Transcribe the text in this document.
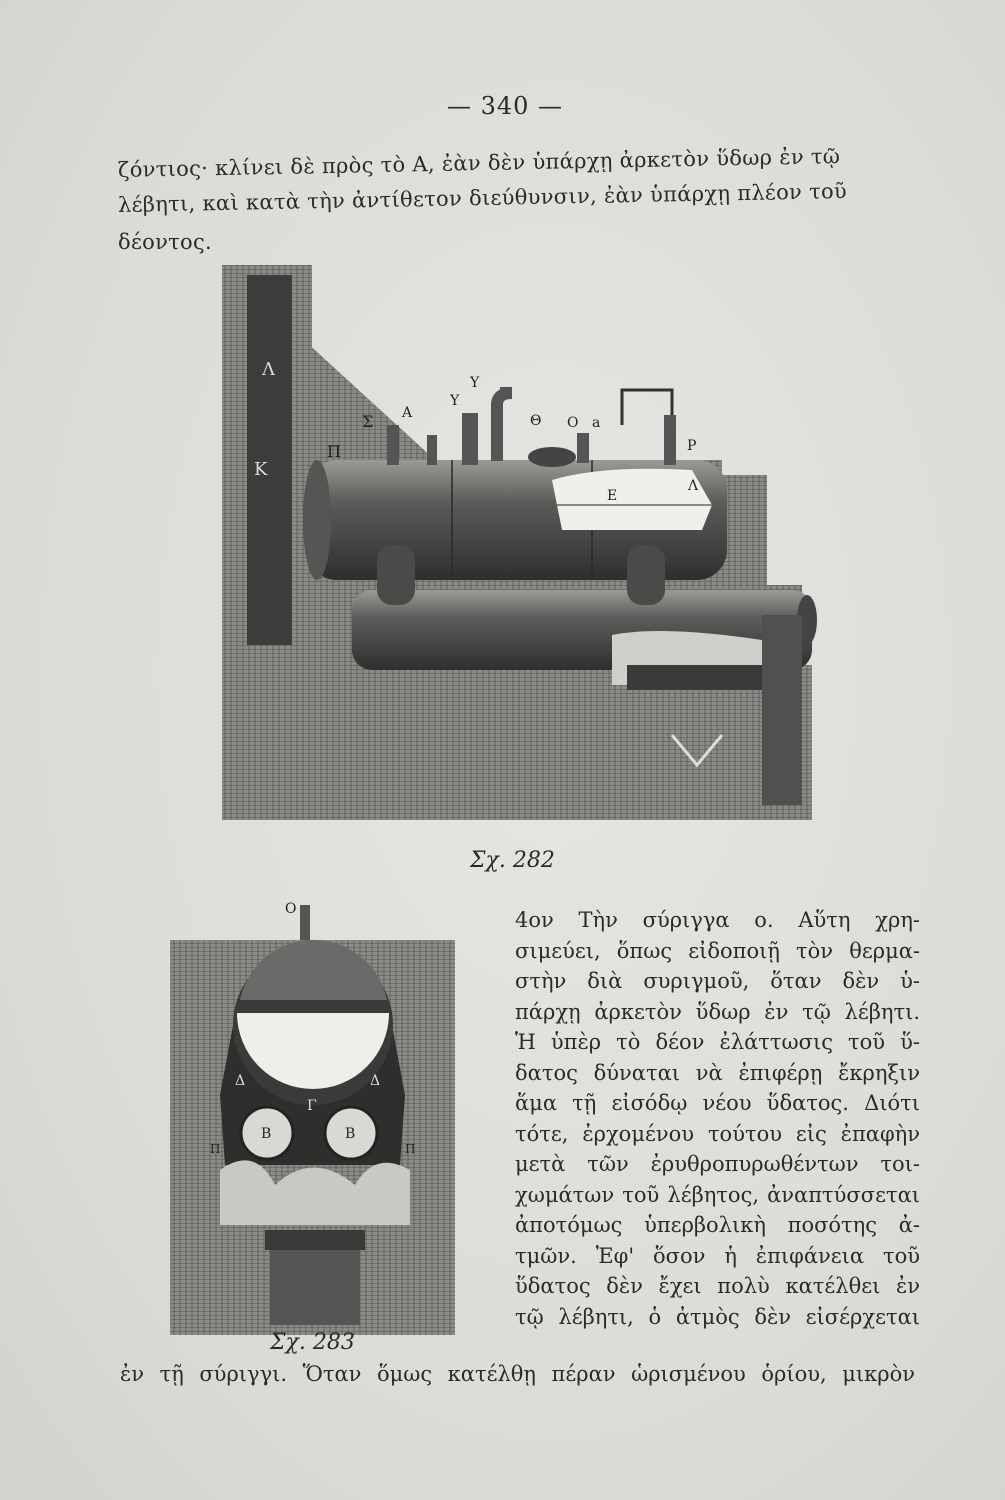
— 340 —
ζόντιος· κλίνει δὲ πρὸς τὸ Α, ἐὰν δὲν ὑπάρχῃ ἀρκετὸν ὕδωρ ἐν τῷ
λέβητι, καὶ κατὰ τὴν ἀντίθετον διεύθυνσιν, ἐὰν ὑπάρχῃ πλέον τοῦ
δέοντος.
Λ
Κ
Π
Σ Α
Υ
Υ
Θ Ο a
Ρ
Ε
Λ
Σχ. 282
Ο
Δ	Δ
Γ
Β	Β
Π	Π
Σχ. 283
4ον Τὴν σύριγγα ο. Αὕτη χρη-
σιμεύει, ὅπως εἰδοποιῇ τὸν θερμα-
στὴν διὰ συριγμοῦ, ὅταν δὲν ὑ-
πάρχῃ ἀρκετὸν ὕδωρ ἐν τῷ λέβητι.
Ἡ ὑπὲρ τὸ δέον ἐλάττωσις τοῦ ὕ-
δατος δύναται νὰ ἐπιφέρῃ ἔκρηξιν
ἅμα τῇ εἰσόδῳ νέου ὕδατος. Διότι
τότε, ἐρχομένου τούτου εἰς ἐπαφὴν
μετὰ τῶν ἐρυθροπυρωθέντων τοι-
χωμάτων τοῦ λέβητος, ἀναπτύσσεται
ἀποτόμως ὑπερβολικὴ ποσότης ἀ-
τμῶν. Ἐφ' ὅσον ἡ ἐπιφάνεια τοῦ
ὕδατος δὲν ἔχει πολὺ κατέλθει ἐν
τῷ λέβητι, ὁ ἀτμὸς δὲν εἰσέρχεται
ἐν τῇ σύριγγι. Ὅταν ὅμως κατέλθῃ πέραν ὡρισμένου ὁρίου, μικρὸν
